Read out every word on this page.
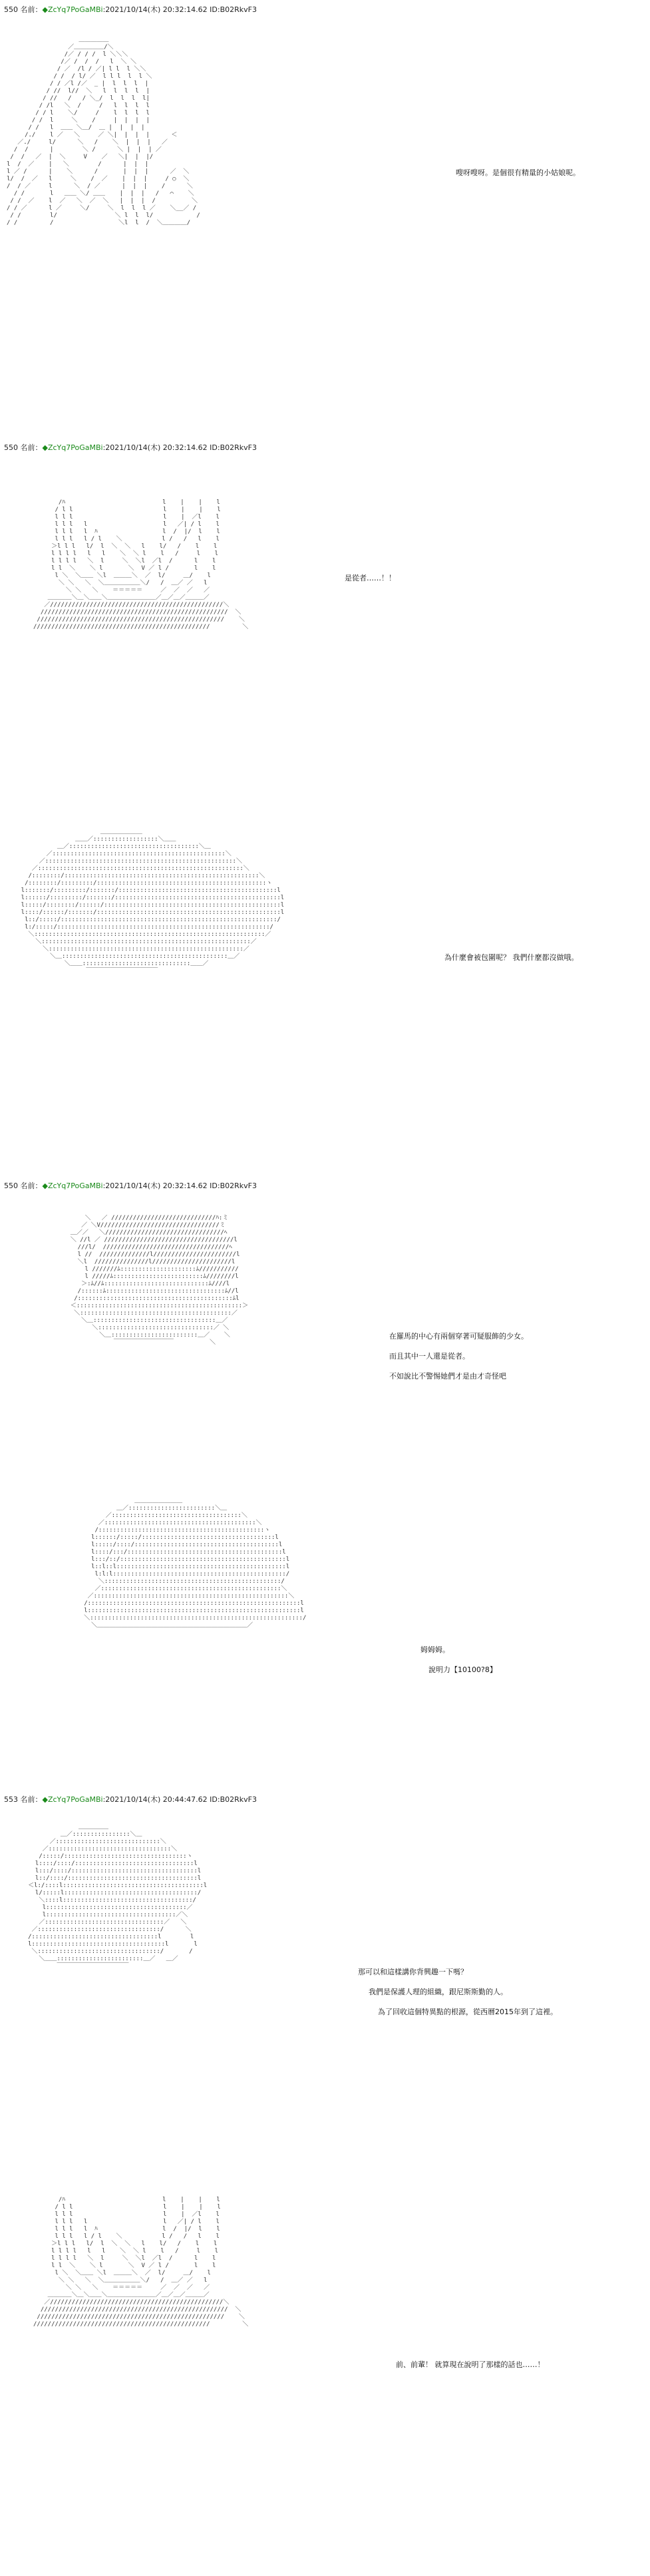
550 名前：◆ZcYq7PoGaMBi:2021/10/14(木) 20:32:14.62 ID:B02RkvF3
＿＿＿＿＿
／＿＿＿＿＿/＼
/／ / / /  l ＼＼＼
/／ /  /  /   l  ＼ ＼
/ ／  /l / ／| l l  l ＼＼
/ /  / l/ ／  l l l  l  l ＼
/ / ／l /／  _ |  l  l  l  |
/ //  l//  ＼   l  l  l  l  |
/ //   /   / ＼_/  l  l  l  l|
/ /l   ＼  /     /   l  l  l  l
/ / l    ＼/     /    l  l  l  l
/ /  l     ＼    /     |  |  |  |
/ /   l  ＿＿ ＼＿/  ＿ |  |  |  |
/./    l ／   ＼     ／ ＼|  |  |  |      ＜
／./     l/      ＼   /    ＼  |  |  |   ／
/  /      |        ＼ /      ＼ |  |  | ／
/  /   ／  |  ＼     V    ／   ＼|  |  |/
l  /  ／    |   ＼        /      |  |  |
l ／ /      |    ＼      /       |  |  |      ／  ＼
l/  /  ／   l     ＼    /  ／    |  |  |     / ○  ＼
/  / ／     l      ＼  / ／      |  |  |    /      ＼
/ /       l   ＿＿ ＼/ ＿＿    |  |  |   /   ⌒    ＼
/ /  ／    l  ／   ＼  ／  ＼   |  |  |  /          ＼
/ / ／      l ／     ＼/     ＼  l  l  l ／    ＼__／ /
/ /        l/                ＼ l  l  l/            /
/ /         /                  ＼l  l  /  ＼＿＿＿＿/

嗖呀嗖呀。是個很有精量的小姑娘呢。
550 名前：◆ZcYq7PoGaMBi:2021/10/14(木) 20:32:14.62 ID:B02RkvF3
/ﾊ                           l    |    |    l
/ l l                         l    |    |    l
l l l                         l    |  ／l    l
l l l   l                     l   ／| / l    l
l l l   l  ﾊ                  l  /  |/  l    l
l l l   l / l    ＼           l /   /   l    l
＞l l l   l/  l  ＼  ＼   l    l/   /    l    l
l l l l   l   l    ＼  ＼ l    l   /     l    l
l l l l   ＼  l     ＼  ＼l  ／l  /      l    l
l l  ＼    ＼ l       ＼  V ／ l /       l    l
l ＼  ＼＿＿ ＼l  ＿＿＿＼  ／  l/     ＿/    l
＼ ＼   ＼  ＼＿＿＿＿＿＿＼/   /  ＿／ ／   l
＼ ＼   ＼    ＝＝＝＝＝     ／  ／  ／   ／
＿＿＿＿＼＿＼＿＿＼＿＿＿＿＿＿＿＿／＿／＿／＿＿＿／
／////////////////////////////////////////////////＼
////////////////////////////////////////////////////  ＼
////////////////////////////////////////////////////    ＼
/////////////////////////////////////////////////         ＼

是從者……！！
＿＿＿＿＿＿＿
＿＿／::::::::::::::::::＼＿＿
＿／::::::::::::::::::::::::::::::::::::＼＿
／::::::::::::::::::::::::::::::::::::::::::::::::＼
／:::::::::::::::::::::::::::::::::::::::::::::::::::::＼
／:::::::::::::::::::::::::::::::::::::::::::::::::::::::::＼
/::::::::/::::::::::::::::::::::::::::::::::::::::::::::::::::::＼
/::::::::/:::::::::/:::::::::::::::::::::::::::::::::::::::::::::::ヽ
l:::::::/:::::::::/:::::::/::::::::::::::::::::::::::::::::::::::::::::l
l::::::/:::::::::/:::::::/::::::::::::::::::::::::::::::::::::::::::::::l
l:::::/::::::::/::::::/:::::::::::::::::::::::::::::::::::::::::::::::::l
l::::/::::::/:::::::/:::::::::::::::::::::::::::::::::::::::::::::::::::l
l::/:::::/::::::::::::::::::::::::::::::::::::::::::::::::::::::::::::/
l:/:::::/:::::::::::::::::::::::::::::::::::::::::::::::::::::::::::/
＼::::::::::::::::::::::::::::::::::::::::::::::::::::::::::::::::／
＼::::::::::::::::::::::::::::::::::::::::::::::::::::::::::／
＼::::::::::::::::::::::::::::::::::::::::::::::::::::::／
＼＿::::::::::::::::::::::::::::::::::::::::::::::＿／
＼＿＿::::::::::::::::::::::::::::::＿＿／
￣￣￣￣￣￣￣￣￣￣￣￣

為什麼會被包圍呢？ 我們什麼都沒做哦。
550 名前：◆ZcYq7PoGaMBi:2021/10/14(木) 20:32:14.62 ID:B02RkvF3
＼   ／ /////////////////////////////ﾊ:ミ
／ ＼V/////////////////////////////////ミ
＿／／   ＼/////////////////////////////////ﾍ
＼ //l ／ ////////////////////////////////////l
///l/  ///////////////////////////////////ﾍ
l //  //////////////l///////////////////////l
＼l  ///////////////l//////////////////////l
l ///////ﾑ:::::::::::::::::::::ﾑ///////////
l /////ﾑ:::::::::::::::::::::::::ﾑ////////l
＞:ﾑ//ﾑ:::::::::::::::::::::::::::::ﾑ////l
/::::::ﾑ:::::::::::::::::::::::::::::::::ﾑ//l
/:::::::::::::::::::::::::::::::::::::::::::ﾑl
＜::::::::::::::::::::::::::::::::::::::::::::::＞
＼::::::::::::::::::::::::::::::::::::::::::／
＼＿::::::::::::::::::::::::::::::::::＿／
＼::::::::::::::::::::::::::::::::／ ＼
＼＿::::::::::::::::::::::::＿／    ＼
￣￣￣￣￣￣￣￣￣￣          ＼

在羅馬的中心有兩個穿著可疑服飾的少女。
而且其中一人還是從者。
不如說比不警惕她們才是由才奇怪吧
＿＿＿＿＿＿＿＿
＿／::::::::::::::::::::::::＼＿
／::::::::::::::::::::::::::::::::::::＼
／::::::::::::::::::::::::::::::::::::::::::＼
/::::::::::::::::::::::::::::::::::::::::::::::ヽ
l::::::/:::::/:::::::::::::::::::::::::::::::::::::l
l:::::/::::/::::::::::::::::::::::::::::::::::::::::l
l::::/:::/:::::::::::::::::::::::::::::::::::::::::::l
l:::/::/::::::::::::::::::::::::::::::::::::::::::::::l
l::l::l:::::::::::::::::::::::::::::::::::::::::::::::l
l:l:l::::::::::::::::::::::::::::::::::::::::::::::::/
＼:::::::::::::::::::::::::::::::::::::::::::::::::/
／::::::::::::::::::::::::::::::::::::::::::::::::::＼
／::::::::::::::::::::::::::::::::::::::::::::::::::::::＼
/:::::::::::::::::::::::::::::::::::::::::::::::::::::::::::l
l:::::::::::::::::::::::::::::::::::::::::::::::::::::::::::l
＼:::::::::::::::::::::::::::::::::::::::::::::::::::::::::::/
＼＿＿＿＿＿＿＿＿＿＿＿＿＿＿＿＿＿＿＿＿＿＿＿＿＿／

姆姆姆。
說明力【10100?8】
553 名前：◆ZcYq7PoGaMBi:2021/10/14(木) 20:44:47.62 ID:B02RkvF3
＿＿＿＿＿
＿／::::::::::::::::＼＿
／:::::::::::::::::::::::::::::＼
／::::::::::::::::::::::::::::::::::＼
/:::::/::::::::::::::::::::::::::::::::::ヽ
l::::/::::/:::::::::::::::::::::::::::::::::l
l:::/::::/:::::::::::::::::::::::::::::::::::l
l::/::::/::::::::::::::::::::::::::::::::::::l
＜l:/::::l:::::::::::::::::::::::::::::::::::::::l
l/:::::l:::::::::::::::::::::::::::::::::::::/
＼::::l::::::::::::::::::::::::::::::::::::/
l:::::::::::::::::::::::::::::::::::::::／
l::::::::::::::::::::::::::::::::::::／＼
／:::::::::::::::::::::::::::::::::／   ＼
／::::::::::::::::::::::::::::::::::/      ＼
/:::::::::::::::::::::::::::::::::::l        l
l:::::::::::::::::::::::::::::::::::::l       l
＼::::::::::::::::::::::::::::::::::/       /
＼＿＿::::::::::::::::::::::::＿／   ＿／
￣￣￣￣￣￣￣￣￣￣￣￣

那可以和這樣講你背興趣一下嗎？
我們是保護人理的組織，跟尼斯斯勤的人。
為了回收這個特異點的根源，從西曆2015年到了這裡。
/ﾊ                           l    |    |    l
/ l l                         l    |    |    l
l l l                         l    |  ／l    l
l l l   l                     l   ／| / l    l
l l l   l  ﾊ                  l  /  |/  l    l
l l l   l / l    ＼           l /   /   l    l
＞l l l   l/  l  ＼  ＼   l    l/   /    l    l
l l l l   l   l    ＼  ＼ l    l   /     l    l
l l l l   ＼  l     ＼  ＼l  ／l  /      l    l
l l  ＼    ＼ l       ＼  V ／ l /       l    l
l ＼  ＼＿＿ ＼l  ＿＿＿＼  ／  l/     ＿/    l
＼ ＼   ＼  ＼＿＿＿＿＿＿＼/   /  ＿／ ／   l
＼ ＼   ＼    ＝＝＝＝＝     ／  ／  ／   ／
＿＿＿＿＼＿＼＿＿＼＿＿＿＿＿＿＿＿／＿／＿／＿＿＿／
／////////////////////////////////////////////////＼
////////////////////////////////////////////////////  ＼
////////////////////////////////////////////////////    ＼
/////////////////////////////////////////////////         ＼

前、前輩！ 就算現在說明了那樣的話也……！
